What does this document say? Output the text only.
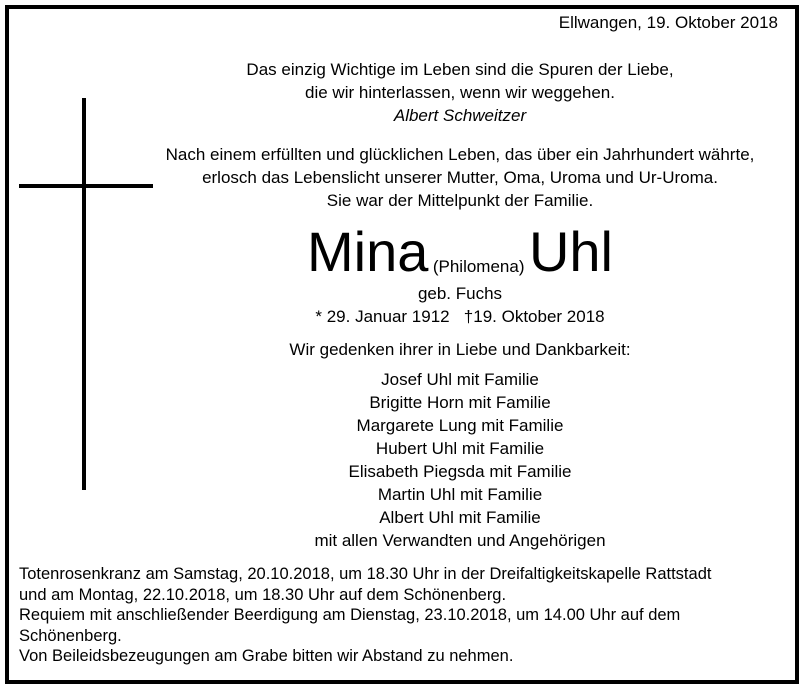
Ellwangen, 19. Oktober 2018
Das einzig Wichtige im Leben sind die Spuren der Liebe,
die wir hinterlassen, wenn wir weggehen.
Albert Schweitzer
Nach einem erfüllten und glücklichen Leben, das über ein Jahrhundert währte,
erlosch das Lebenslicht unserer Mutter, Oma, Uroma und Ur-Uroma.
Sie war der Mittelpunkt der Familie.
Mina (Philomena) Uhl
geb. Fuchs
* 29. Januar 1912 †19. Oktober 2018
Wir gedenken ihrer in Liebe und Dankbarkeit:
Josef Uhl mit Familie
Brigitte Horn mit Familie
Margarete Lung mit Familie
Hubert Uhl mit Familie
Elisabeth Piegsda mit Familie
Martin Uhl mit Familie
Albert Uhl mit Familie
mit allen Verwandten und Angehörigen
Totenrosenkranz am Samstag, 20.10.2018, um 18.30 Uhr in der Dreifaltigkeitskapelle Rattstadt
und am Montag, 22.10.2018, um 18.30 Uhr auf dem Schönenberg.
Requiem mit anschließender Beerdigung am Dienstag, 23.10.2018, um 14.00 Uhr auf dem
Schönenberg.
Von Beileidsbezeugungen am Grabe bitten wir Abstand zu nehmen.
